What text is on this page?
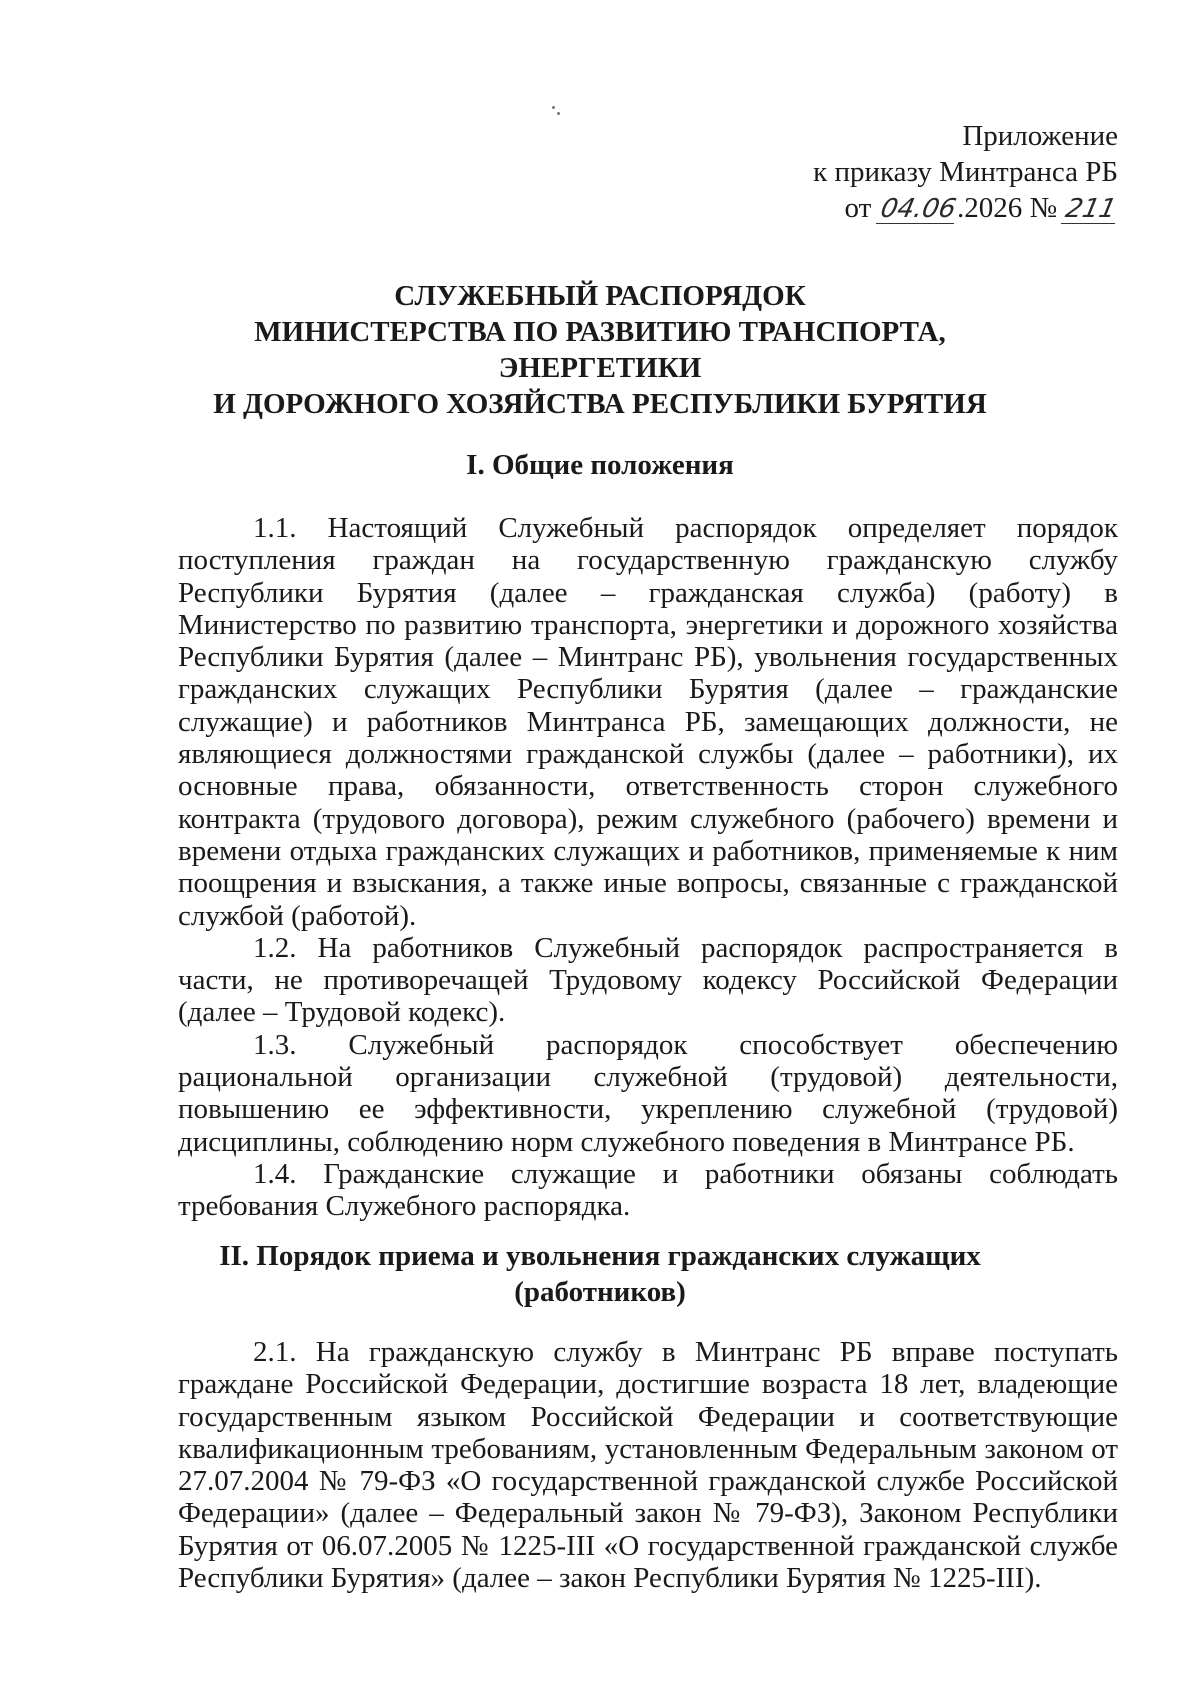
Приложение
к приказу Минтранса РБ
от 04.06.2026 № 211
СЛУЖЕБНЫЙ РАСПОРЯДОК
МИНИСТЕРСТВА ПО РАЗВИТИЮ ТРАНСПОРТА,
ЭНЕРГЕТИКИ
И ДОРОЖНОГО ХОЗЯЙСТВА РЕСПУБЛИКИ БУРЯТИЯ
I. Общие положения

1.1. Настоящий Служебный распорядок определяет порядок поступления граждан на государственную гражданскую службу Республики Бурятия (далее – гражданская служба) (работу) в Министерство по развитию транспорта, энергетики и дорожного хозяйства Республики Бурятия (далее – Минтранс РБ), увольнения государственных гражданских служащих Республики Бурятия (далее – гражданские служащие) и работников Минтранса РБ, замещающих должности, не являющиеся должностями гражданской службы (далее – работники), их основные права, обязанности, ответственность сторон служебного контракта (трудового договора), режим служебного (рабочего) времени и времени отдыха гражданских служащих и работников, применяемые к ним поощрения и взыскания, а также иные вопросы, связанные с гражданской службой (работой).

1.2. На работников Служебный распорядок распространяется в части, не противоречащей Трудовому кодексу Российской Федерации (далее – Трудовой кодекс).

1.3. Служебный распорядок способствует обеспечению рациональной организации служебной (трудовой) деятельности, повышению ее эффективности, укреплению служебной (трудовой) дисциплины, соблюдению норм служебного поведения в Минтрансе РБ.

1.4. Гражданские служащие и работники обязаны соблюдать требования Служебного распорядка.

II. Порядок приема и увольнения гражданских служащих
(работников)

2.1. На гражданскую службу в Минтранс РБ вправе поступать граждане Российской Федерации, достигшие возраста 18 лет, владеющие государственным языком Российской Федерации и соответствующие квалификационным требованиям, установленным Федеральным законом от 27.07.2004 № 79-ФЗ «О государственной гражданской службе Российской Федерации» (далее – Федеральный закон № 79-ФЗ), Законом Республики Бурятия от 06.07.2005 № 1225-III «О государственной гражданской службе Республики Бурятия» (далее – закон Республики Бурятия № 1225-III).
